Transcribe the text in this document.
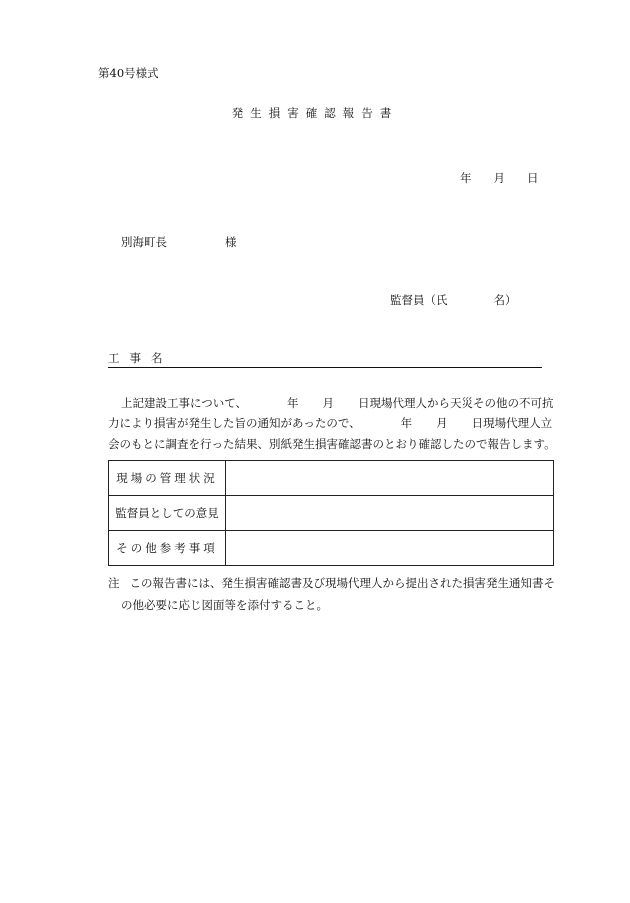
第40号様式
発生損害確認報告書
年 月 日
別海町長	様
監督員（氏	名）
工事名
上記建設工事について、	年 月 日現場代理人から天災その他の不可抗
力により損害が発生した旨の通知があったので、	年 月 日現場代理人立
会のもとに調査を行った結果、別紙発生損害確認書のとおり確認したので報告します。
現場の管理状況	
監督員としての意見	
その他参考事項	
注 この報告書には、発生損害確認書及び現場代理人から提出された損害発生通知書そ
の他必要に応じ図面等を添付すること。
